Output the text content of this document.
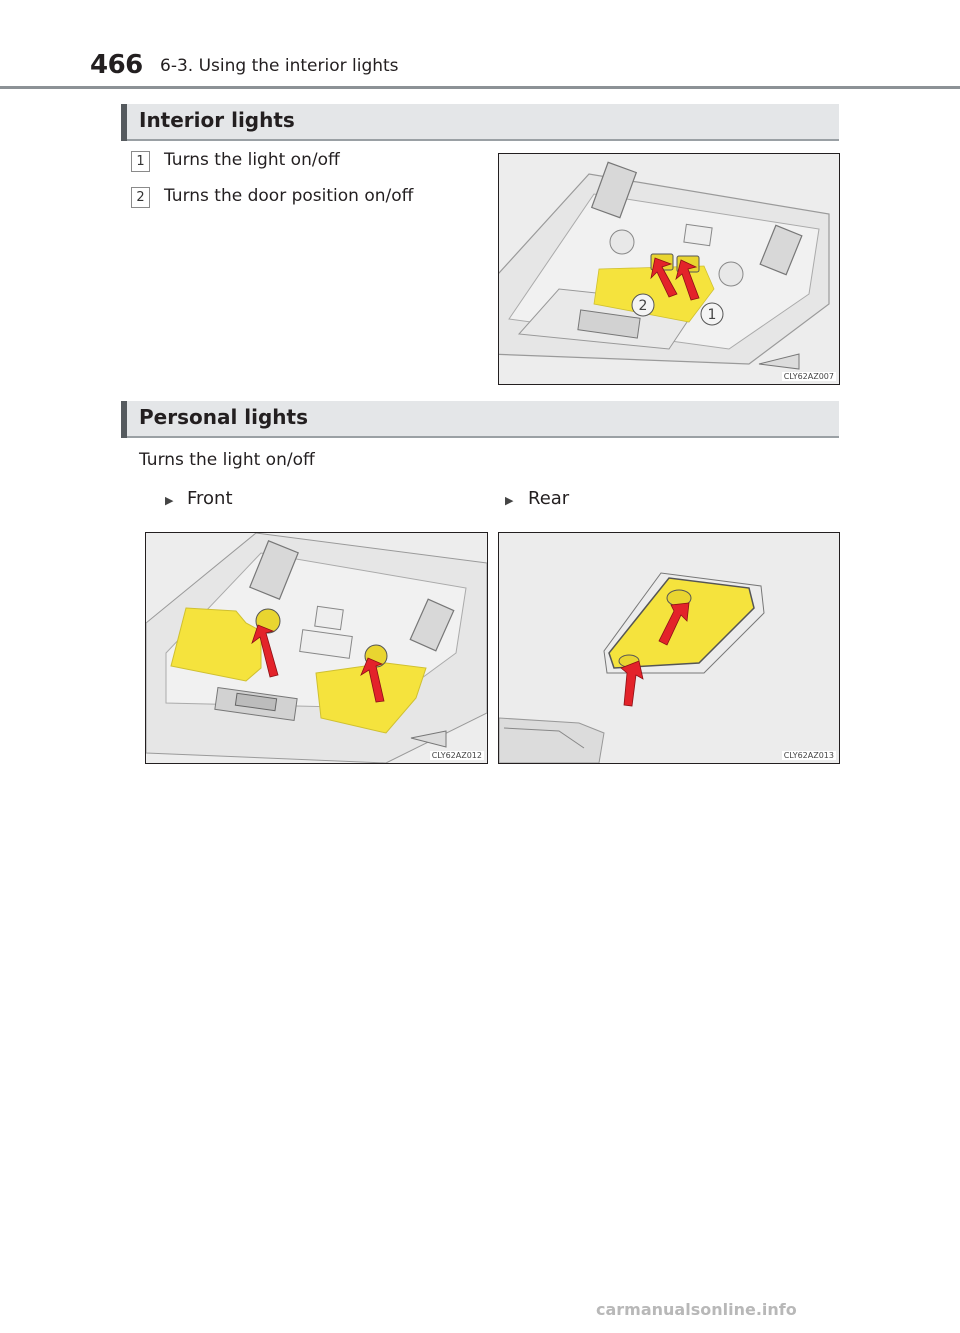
466 6-3. Using the interior lights
Interior lights
1	Turns the light on/off
2	Turns the door position on/off
2
1
CLY62AZ007
Personal lights
Turns the light on/off
▶ Front	▶ Rear
CLY62AZ012	CLY62AZ013
carmanualsonline.info
